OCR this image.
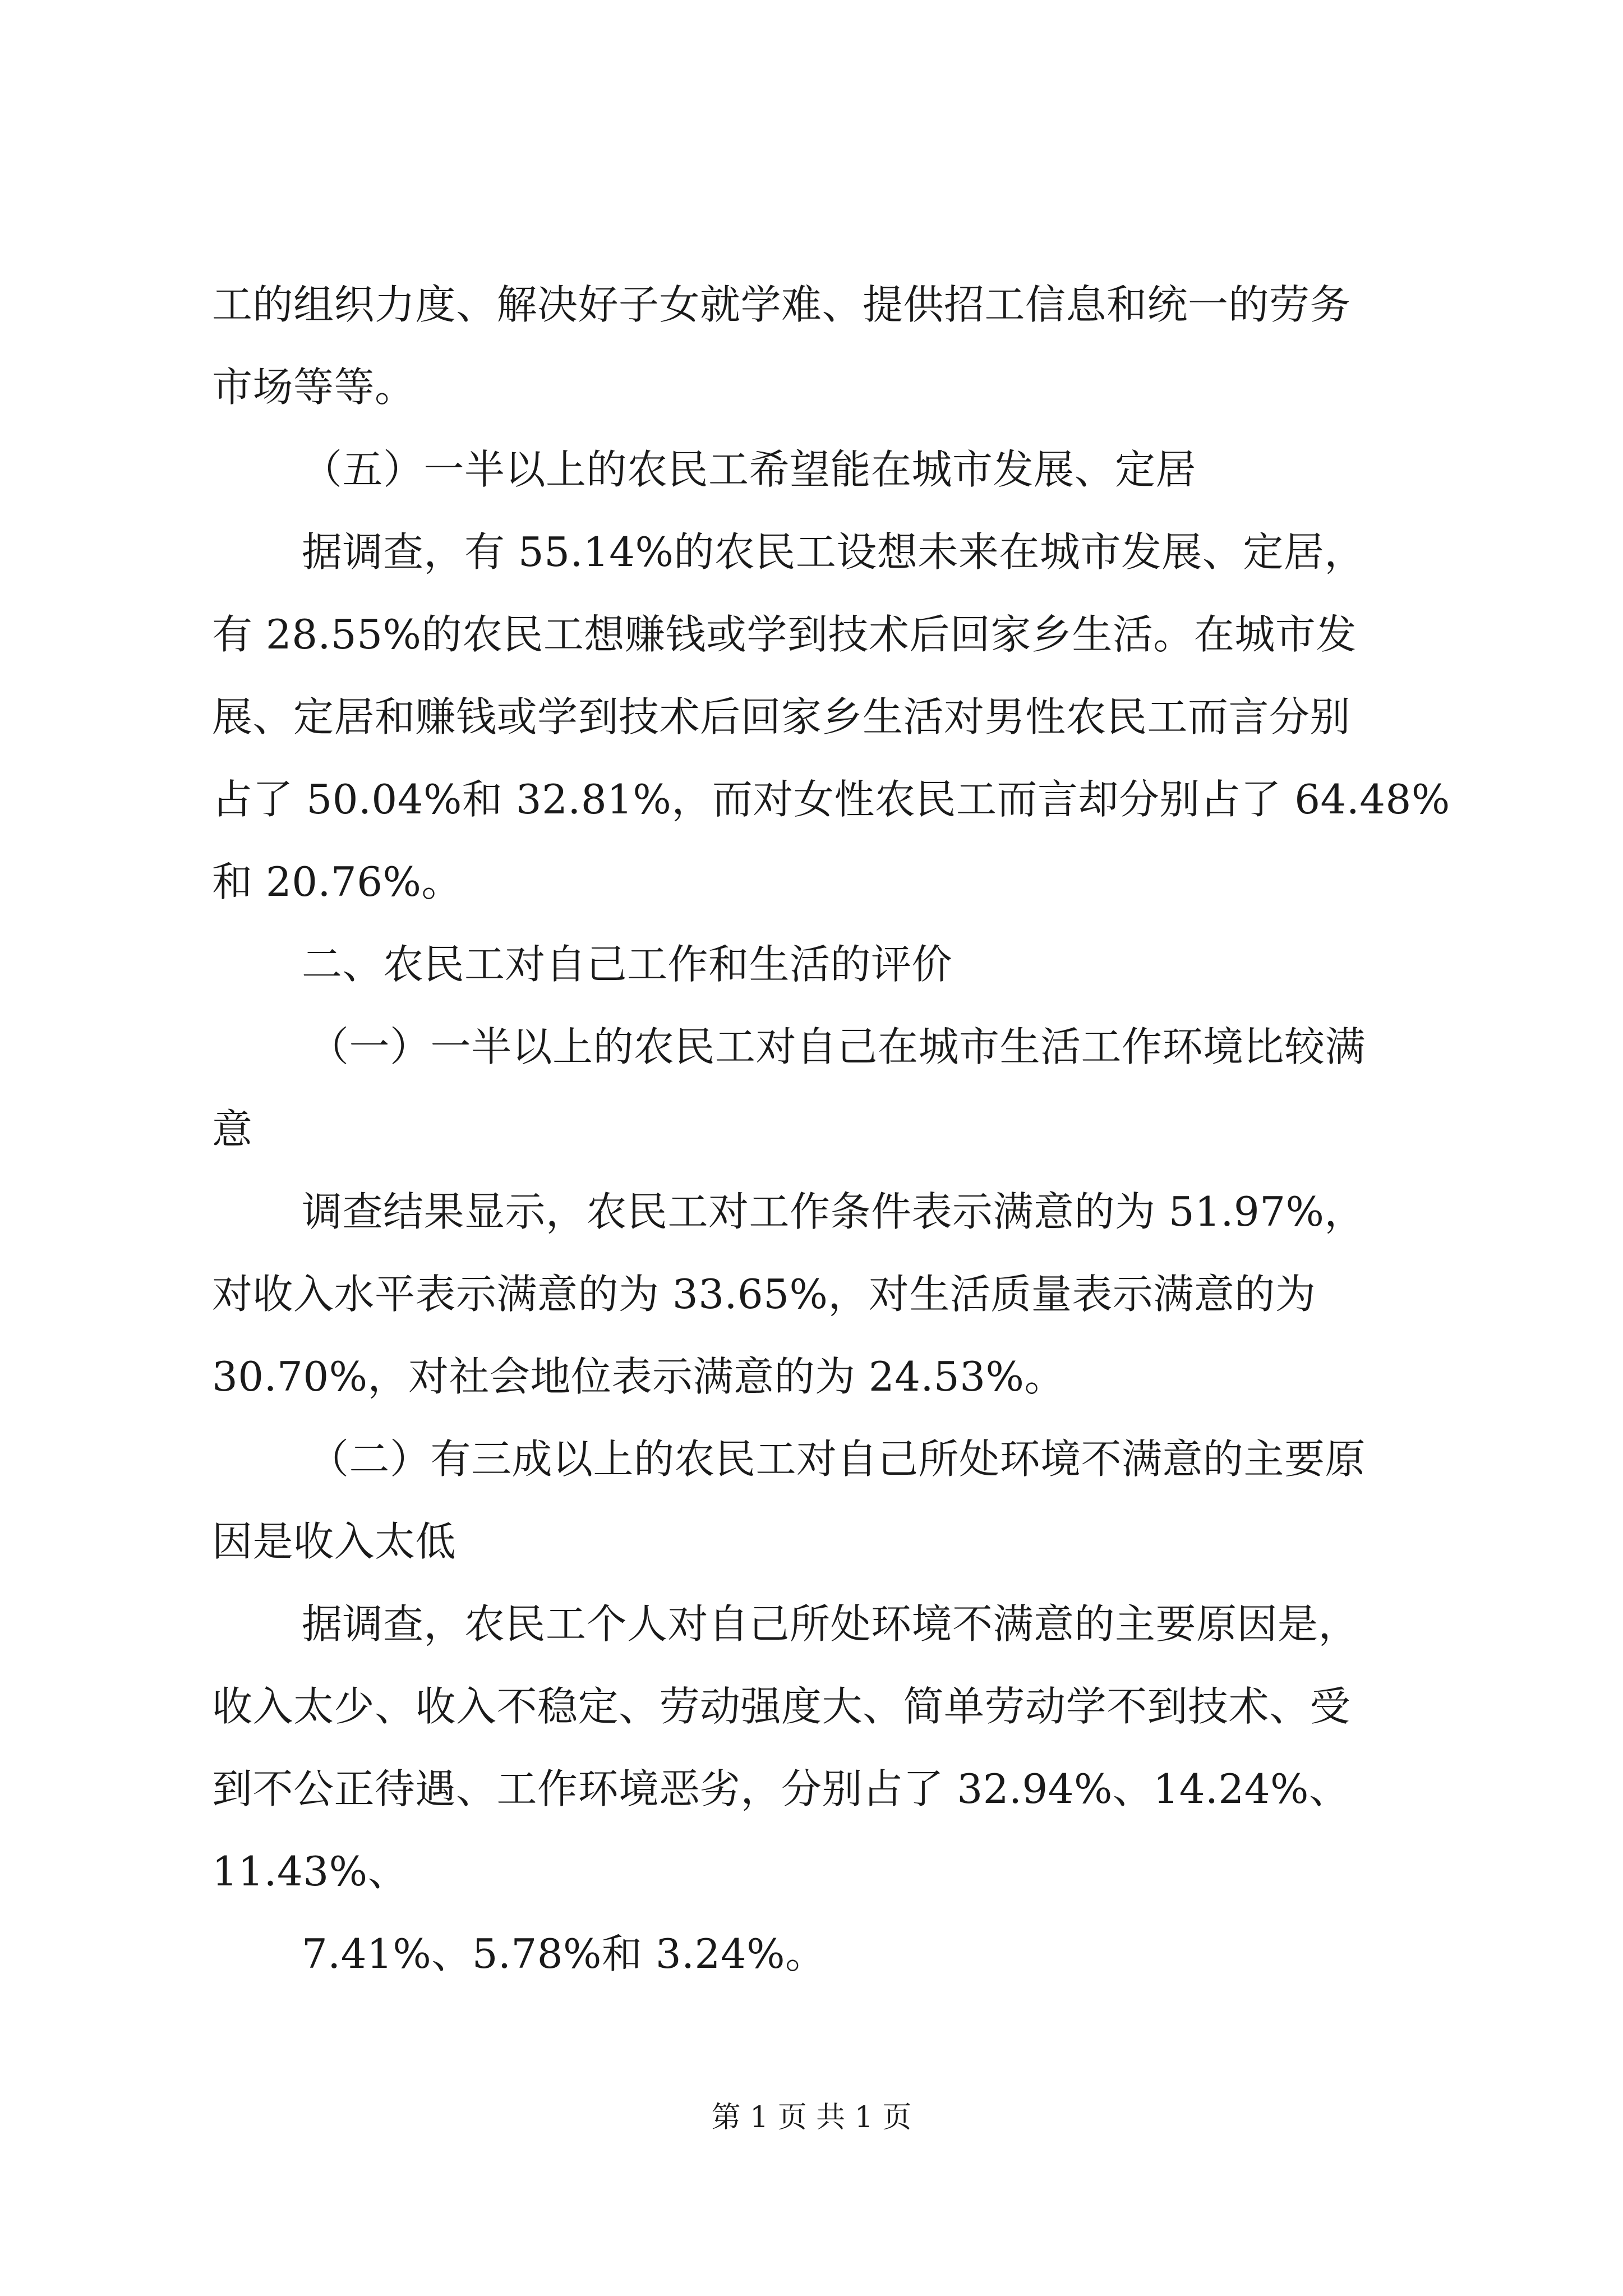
工的组织力度、解决好子女就学难、提供招工信息和统一的劳务

市场等等。

（五）一半以上的农民工希望能在城市发展、定居

据调查，有 55.14%的农民工设想未来在城市发展、定居，

有 28.55%的农民工想赚钱或学到技术后回家乡生活。在城市发

展、定居和赚钱或学到技术后回家乡生活对男性农民工而言分别

占了 50.04%和 32.81%，而对女性农民工而言却分别占了 64.48%

和 20.76%。

二、农民工对自己工作和生活的评价

（一）一半以上的农民工对自己在城市生活工作环境比较满

意

调查结果显示，农民工对工作条件表示满意的为 51.97%，

对收入水平表示满意的为 33.65%，对生活质量表示满意的为

30.70%，对社会地位表示满意的为 24.53%。

（二）有三成以上的农民工对自己所处环境不满意的主要原

因是收入太低

据调查，农民工个人对自己所处环境不满意的主要原因是，

收入太少、收入不稳定、劳动强度大、简单劳动学不到技术、受

到不公正待遇、工作环境恶劣，分别占了 32.94%、14.24%、

11.43%、

7.41%、5.78%和 3.24%。

第 1 页 共 1 页
